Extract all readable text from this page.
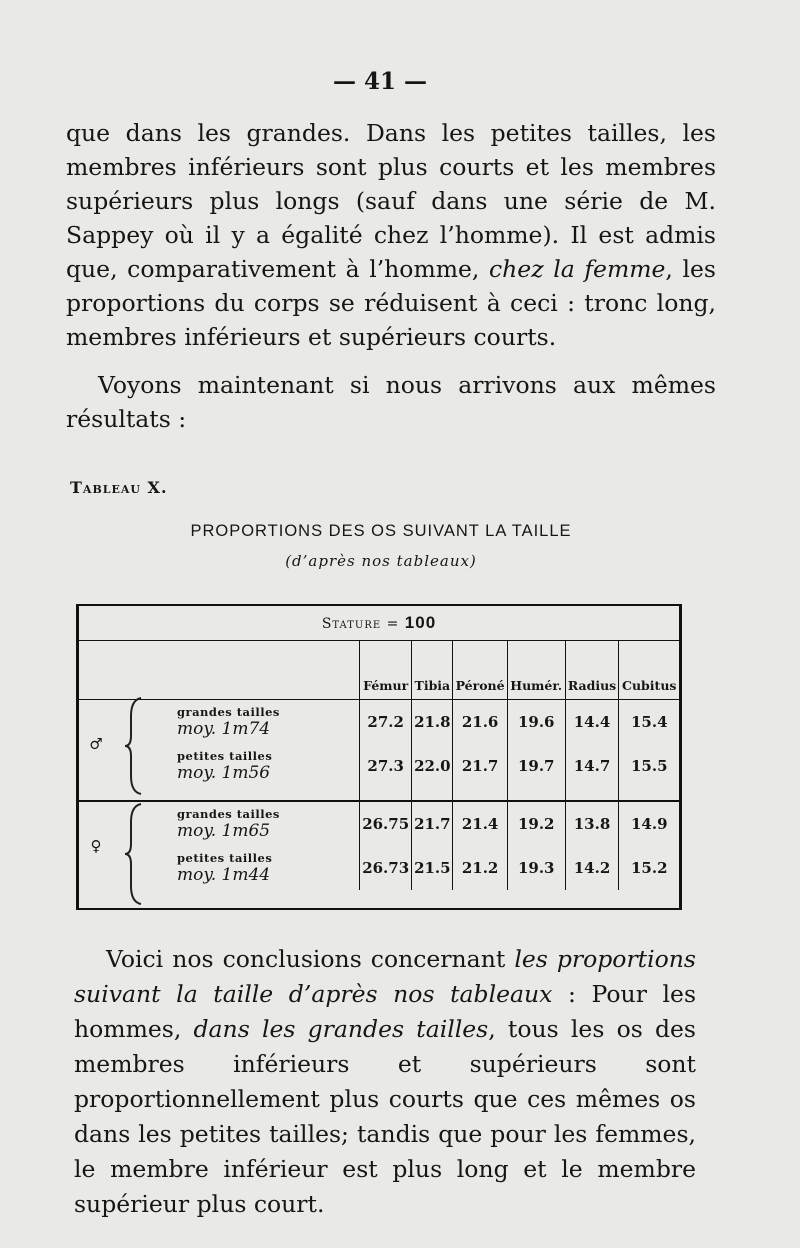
— 41 —

que dans les grandes. Dans les petites tailles, les membres inférieurs sont plus courts et les membres supérieurs plus longs (sauf dans une série de M. Sappey où il y a égalité chez l’homme). Il est admis que, comparativement à l’homme, chez la femme, les proportions du corps se réduisent à ceci : tronc long, membres inférieurs et supérieurs courts.

Voyons maintenant si nous arrivons aux mêmes résultats :

Tableau X.
PROPORTIONS DES OS SUIVANT LA TAILLE
(d’après nos tableaux)
Stature = 100							
		Fémur	Tibia	Péroné	Humér.	Radius	Cubitus
♂	grandes tailles
moy. 1m74	27.2	21.8	21.6	19.6	14.4	15.4

	petites tailles
moy. 1m56	27.3	22.0	21.7	19.7	14.7	15.5

♀	grandes tailles
moy. 1m65	26.75	21.7	21.4	19.2	13.8	14.9

	petites tailles
moy. 1m44	26.73	21.5	21.2	19.3	14.2	15.2

Voici nos conclusions concernant les proportions suivant la taille d’après nos tableaux : Pour les hommes, dans les grandes tailles, tous les os des membres inférieurs et supérieurs sont proportionnellement plus courts que ces mêmes os dans les petites tailles; tandis que pour les femmes, le membre inférieur est plus long et le membre supérieur plus court.
